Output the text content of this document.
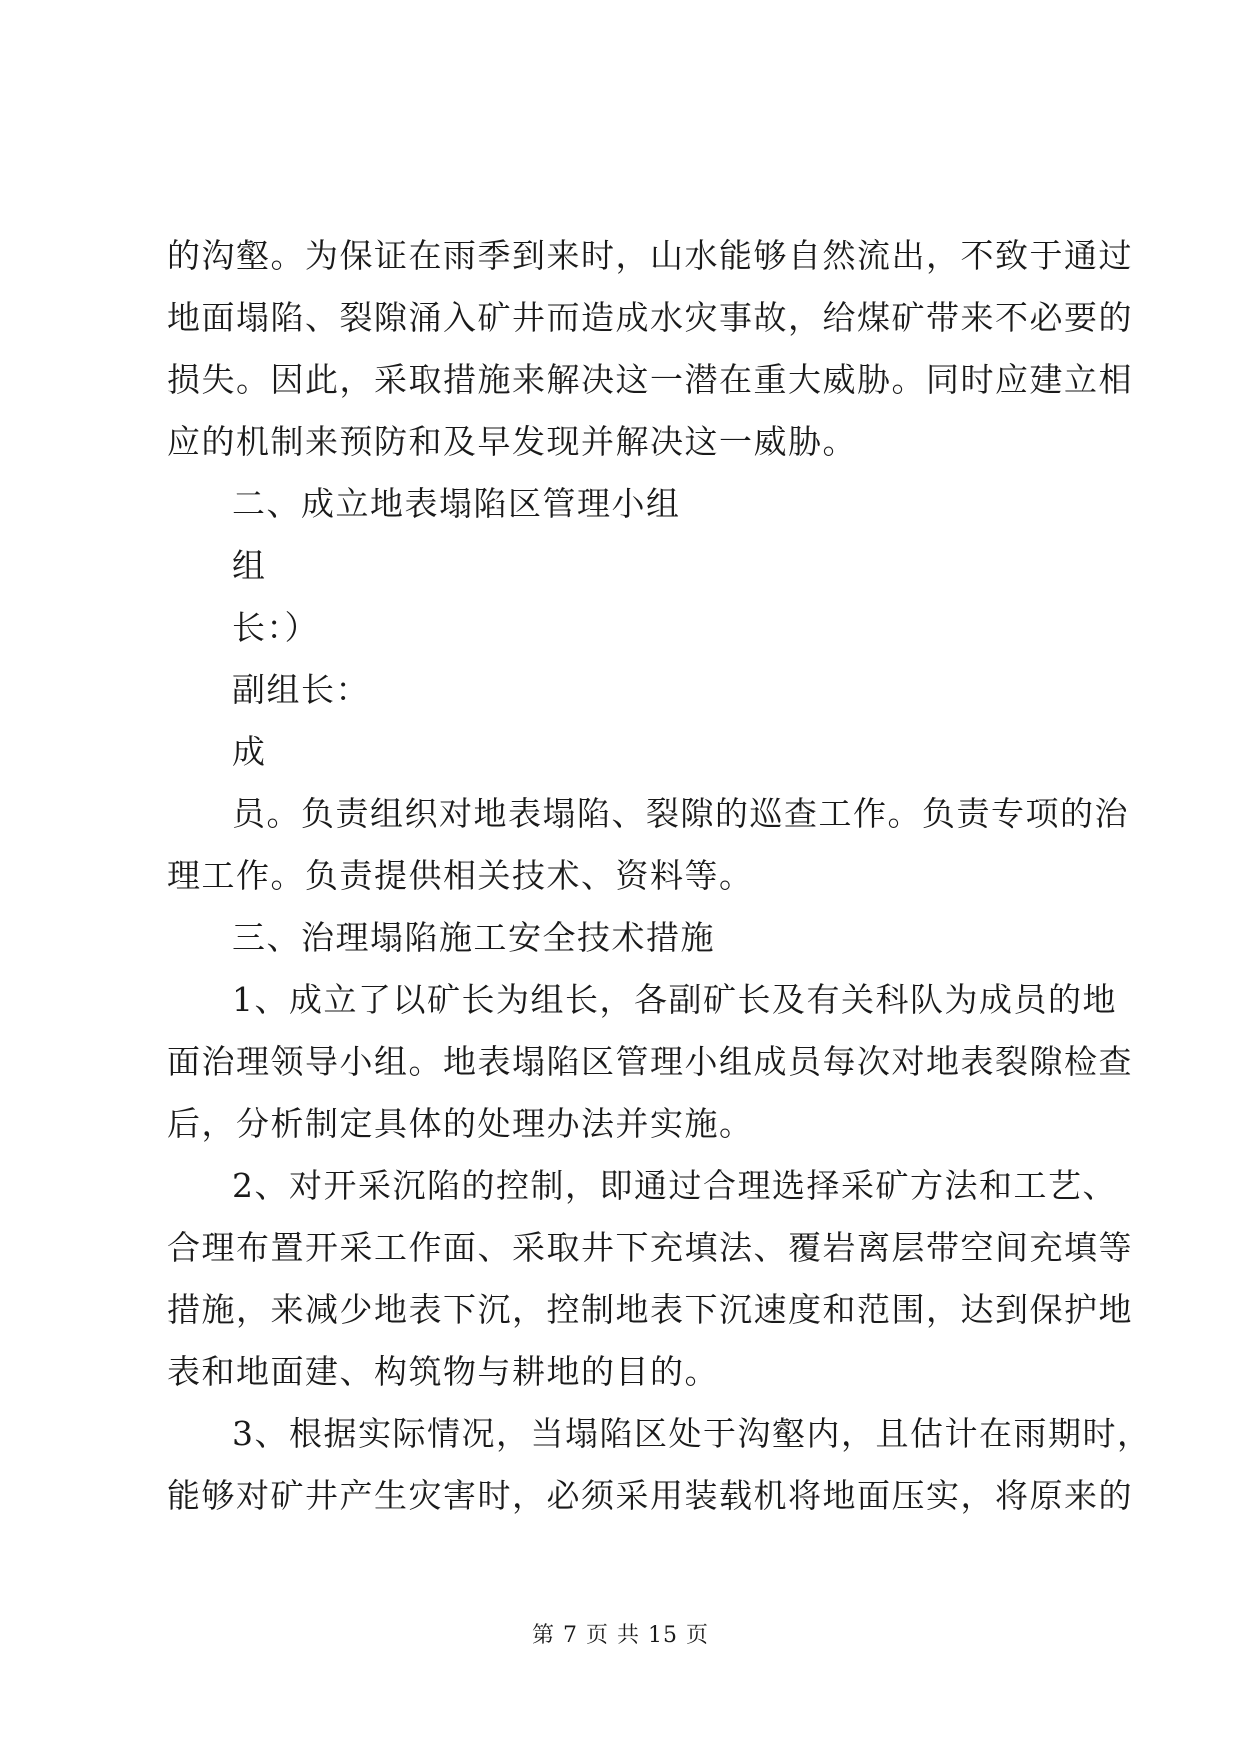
的沟壑。为保证在雨季到来时，山水能够自然流出，不致于通过
地面塌陷、裂隙涌入矿井而造成水灾事故，给煤矿带来不必要的
损失。因此，采取措施来解决这一潜在重大威胁。同时应建立相
应的机制来预防和及早发现并解决这一威胁。
二、成立地表塌陷区管理小组
组
长：）
副组长：
成
员。负责组织对地表塌陷、裂隙的巡查工作。负责专项的治
理工作。负责提供相关技术、资料等。
三、治理塌陷施工安全技术措施
1、成立了以矿长为组长，各副矿长及有关科队为成员的地
面治理领导小组。地表塌陷区管理小组成员每次对地表裂隙检查
后，分析制定具体的处理办法并实施。
2、对开采沉陷的控制，即通过合理选择采矿方法和工艺、
合理布置开采工作面、采取井下充填法、覆岩离层带空间充填等
措施，来减少地表下沉，控制地表下沉速度和范围，达到保护地
表和地面建、构筑物与耕地的目的。
3、根据实际情况，当塌陷区处于沟壑内，且估计在雨期时，
能够对矿井产生灾害时，必须采用装载机将地面压实，将原来的
第 7 页 共 15 页
